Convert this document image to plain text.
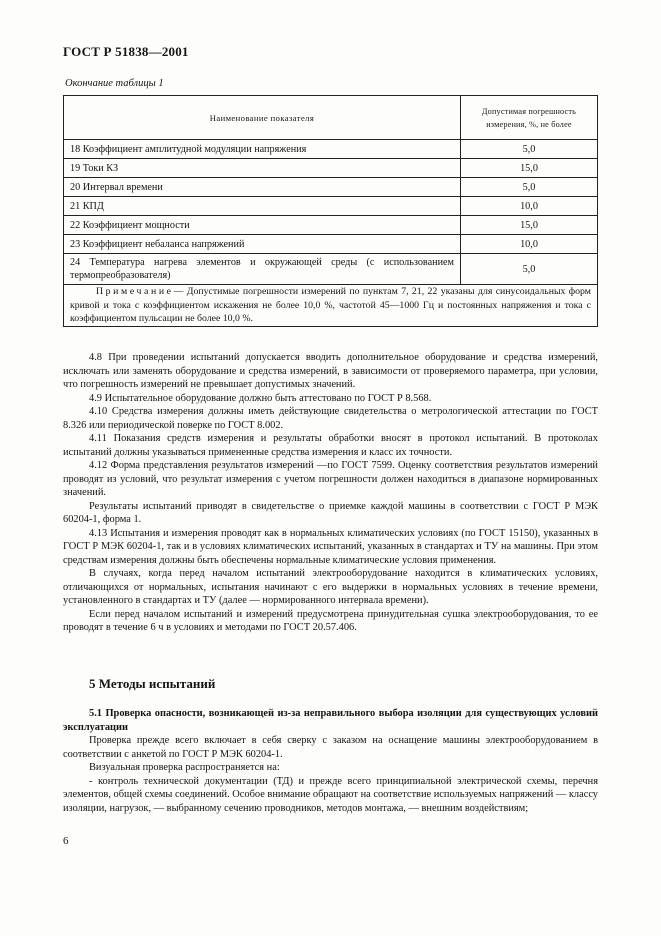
ГОСТ Р 51838—2001
Окончание таблицы 1
Наименование показателя	Допустимая погрешность
измерения, %, не более
18 Коэффициент амплитудной модуляции напряжения	5,0
19 Токи КЗ	15,0
20 Интервал времени	5,0
21 КПД	10,0
22 Коэффициент мощности	15,0
23 Коэффициент небаланса напряжений	10,0
24 Температура нагрева элементов и окружающей среды (с использованием термопреобразователя)	5,0
Примечание— Допустимые погрешности измерений по пунктам 7, 21, 22 указаны для синусоидальных форм кривой и тока с коэффициентом искажения не более 10,0 %, частотой 45—1000 Гц и постоянных напряжения и тока с коэффициентом пульсации не более 10,0 %.	

4.8 При проведении испытаний допускается вводить дополнительное оборудование и средства измерений, исключать или заменять оборудование и средства измерений, в зависимости от проверяемого параметра, при условии, что погрешность измерений не превышает допустимых значений.

4.9 Испытательное оборудование должно быть аттестовано по ГОСТ Р 8.568.

4.10 Средства измерения должны иметь действующие свидетельства о метрологической аттестации по ГОСТ 8.326 или периодической поверке по ГОСТ 8.002.

4.11 Показания средств измерения и результаты обработки вносят в протокол испытаний. В протоколах испытаний должны указываться примененные средства измерения и класс их точности.

4.12 Форма представления результатов измерений —по ГОСТ 7599. Оценку соответствия результатов измерений проводят из условий, что результат измерения с учетом погрешности должен находиться в диапазоне нормированных значений.

Результаты испытаний приводят в свидетельстве о приемке каждой машины в соответствии с ГОСТ Р МЭК 60204-1, форма 1.

4.13 Испытания и измерения проводят как в нормальных климатических условиях (по ГОСТ 15150), указанных в ГОСТ Р МЭК 60204-1, так и в условиях климатических испытаний, указанных в стандартах и ТУ на машины. При этом средствам измерения должны быть обеспечены нормальные климатические условия применения.

В случаях, когда перед началом испытаний электрооборудование находится в климатических условиях, отличающихся от нормальных, испытания начинают с его выдержки в нормальных условиях в течение времени, установленного в стандартах и ТУ (далее — нормированного интервала времени).

Если перед началом испытаний и измерений предусмотрена принудительная сушка электрооборудования, то ее проводят в течение 6 ч в условиях и методами по ГОСТ 20.57.406.

5 Методы испытаний

5.1 Проверка опасности, возникающей из-за неправильного выбора изоляции для существующих условий эксплуатации

Проверка прежде всего включает в себя сверку с заказом на оснащение машины электрооборудованием в соответствии с анкетой по ГОСТ Р МЭК 60204-1.

Визуальная проверка распространяется на:

- контроль технической документации (ТД) и прежде всего принципиальной электрической схемы, перечня элементов, общей схемы соединений. Особое внимание обращают на соответствие используемых напряжений — классу изоляции, нагрузок, — выбранному сечению проводников, методов монтажа, — внешним воздействиям;

6
